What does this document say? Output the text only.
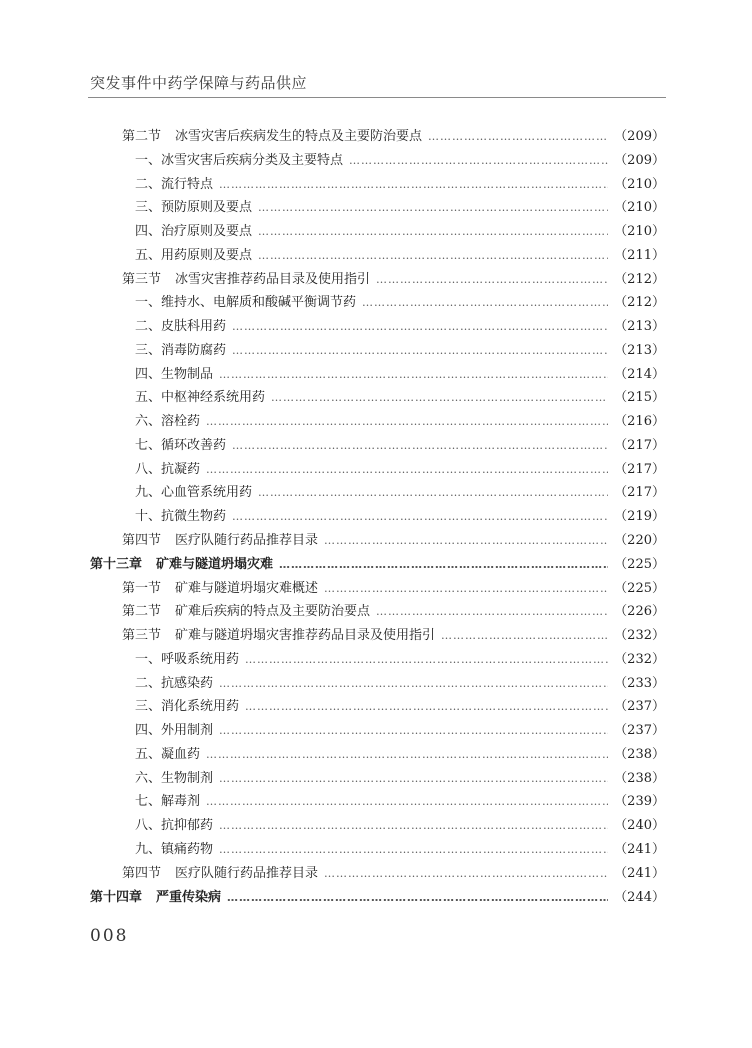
突发事件中药学保障与药品供应
第二节 冰雪灾害后疾病发生的特点及主要防治要点 …………………………………………………………………………………………………………………………………………………………………………	（209）
一、冰雪灾害后疾病分类及主要特点 …………………………………………………………………………………………………………………………………………………………………………	（209）
二、流行特点 …………………………………………………………………………………………………………………………………………………………………………	（210）
三、预防原则及要点 …………………………………………………………………………………………………………………………………………………………………………	（210）
四、治疗原则及要点 …………………………………………………………………………………………………………………………………………………………………………	（210）
五、用药原则及要点 …………………………………………………………………………………………………………………………………………………………………………	（211）
第三节 冰雪灾害推荐药品目录及使用指引 …………………………………………………………………………………………………………………………………………………………………………	（212）
一、维持水、电解质和酸碱平衡调节药 …………………………………………………………………………………………………………………………………………………………………………	（212）
二、皮肤科用药 …………………………………………………………………………………………………………………………………………………………………………	（213）
三、消毒防腐药 …………………………………………………………………………………………………………………………………………………………………………	（213）
四、生物制品 …………………………………………………………………………………………………………………………………………………………………………	（214）
五、中枢神经系统用药 …………………………………………………………………………………………………………………………………………………………………………	（215）
六、溶栓药 …………………………………………………………………………………………………………………………………………………………………………	（216）
七、循环改善药 …………………………………………………………………………………………………………………………………………………………………………	（217）
八、抗凝药 …………………………………………………………………………………………………………………………………………………………………………	（217）
九、心血管系统用药 …………………………………………………………………………………………………………………………………………………………………………	（217）
十、抗微生物药 …………………………………………………………………………………………………………………………………………………………………………	（219）
第四节 医疗队随行药品推荐目录 …………………………………………………………………………………………………………………………………………………………………………	（220）
第十三章 矿难与隧道坍塌灾难 …………………………………………………………………………………………………………………………………………………………………………	（225）
第一节 矿难与隧道坍塌灾难概述 …………………………………………………………………………………………………………………………………………………………………………	（225）
第二节 矿难后疾病的特点及主要防治要点 …………………………………………………………………………………………………………………………………………………………………………	（226）
第三节 矿难与隧道坍塌灾害推荐药品目录及使用指引 …………………………………………………………………………………………………………………………………………………………………………	（232）
一、呼吸系统用药 …………………………………………………………………………………………………………………………………………………………………………	（232）
二、抗感染药 …………………………………………………………………………………………………………………………………………………………………………	（233）
三、消化系统用药 …………………………………………………………………………………………………………………………………………………………………………	（237）
四、外用制剂 …………………………………………………………………………………………………………………………………………………………………………	（237）
五、凝血药 …………………………………………………………………………………………………………………………………………………………………………	（238）
六、生物制剂 …………………………………………………………………………………………………………………………………………………………………………	（238）
七、解毒剂 …………………………………………………………………………………………………………………………………………………………………………	（239）
八、抗抑郁药 …………………………………………………………………………………………………………………………………………………………………………	（240）
九、镇痛药物 …………………………………………………………………………………………………………………………………………………………………………	（241）
第四节 医疗队随行药品推荐目录 …………………………………………………………………………………………………………………………………………………………………………	（241）
第十四章 严重传染病 …………………………………………………………………………………………………………………………………………………………………………	（244）
008
